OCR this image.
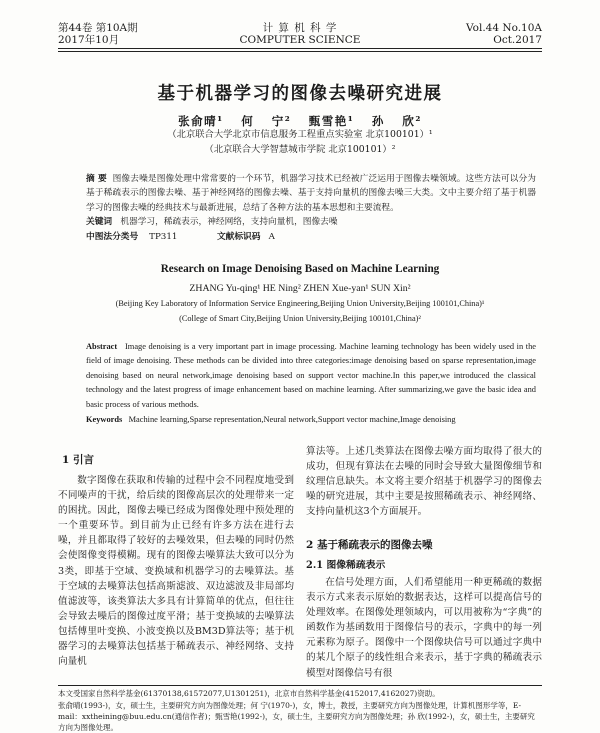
第44卷 第10A期
2017年10月
计 算 机 科 学
COMPUTER SCIENCE
Vol.44 No.10A
Oct.2017
基于机器学习的图像去噪研究进展
张俞晴¹ 何 宁² 甄雪艳¹ 孙 欣²
（北京联合大学北京市信息服务工程重点实验室 北京100101）¹
（北京联合大学智慧城市学院 北京100101）²
摘 要 图像去噪是图像处理中常常要的一个环节，机器学习技术已经被广泛运用于图像去噪领域。这些方法可以分为基于稀疏表示的图像去噪、基于神经网络的图像去噪、基于支持向量机的图像去噪三大类。文中主要介绍了基于机器学习的图像去噪的经典技术与最新进展，总结了各种方法的基本思想和主要流程。
关键词 机器学习，稀疏表示，神经网络，支持向量机，图像去噪
中图法分类号 TP311	文献标识码 A
Research on Image Denoising Based on Machine Learning
ZHANG Yu-qing¹ HE Ning² ZHEN Xue-yan¹ SUN Xin²
(Beijing Key Laboratory of Information Service Engineering,Beijing Union University,Beijing 100101,China)¹
(College of Smart City,Beijing Union University,Beijing 100101,China)²
Abstract Image denoising is a very important part in image processing. Machine learning technology has been widely used in the field of image denoising. These methods can be divided into three categories:image denoising based on sparse representation,image denoising based on neural network,image denoising based on support vector machine.In this paper,we introduced the classical technology and the latest progress of image enhancement based on machine learning. After summarizing,we gave the basic idea and basic process of various methods.
Keywords Machine learning,Sparse representation,Neural network,Support vector machine,Image denoising
1 引言
数字图像在获取和传输的过程中会不同程度地受到不同噪声的干扰，给后续的图像高层次的处理带来一定的困扰。因此，图像去噪已经成为图像处理中预处理的一个重要环节。到目前为止已经有许多方法在进行去噪，并且都取得了较好的去噪效果，但去噪的同时仍然会使图像变得模糊。现有的图像去噪算法大致可以分为3类，即基于空域、变换域和机器学习的去噪算法。基于空域的去噪算法包括高斯滤波、双边滤波及非局部均值滤波等，该类算法大多具有计算简单的优点，但往往会导致去噪后的图像过度平滑；基于变换域的去噪算法包括傅里叶变换、小波变换以及BM3D算法等；基于机器学习的去噪算法包括基于稀疏表示、神经网络、支持向量机
算法等。上述几类算法在图像去噪方面均取得了很大的成功，但现有算法在去噪的同时会导致大量图像细节和纹理信息缺失。本文将主要介绍基于机器学习的图像去噪的研究进展，其中主要是按照稀疏表示、神经网络、支持向量机这3个方面展开。
2 基于稀疏表示的图像去噪
2.1 图像稀疏表示
在信号处理方面，人们希望能用一种更稀疏的数据表示方式来表示原始的数据表达，这样可以提高信号的处理效率。在图像处理领域内，可以用被称为“字典”的函数作为基函数用于图像信号的表示，字典中的每一列元素称为原子。图像中一个图像块信号可以通过字典中的某几个原子的线性组合来表示，基于字典的稀疏表示模型对图像信号有很
本文受国家自然科学基金(61370138,61572077,U1301251)，北京市自然科学基金(4152017,4162027)资助。
张俞晴(1993-)，女，硕士生，主要研究方向为图像处理；何 宁(1970-)，女，博士，教授，主要研究方向为图像处理，计算机图形学等，E-mail：xxtheining@buu.edu.cn(通信作者)；甄雪艳(1992-)，女，硕士生，主要研究方向为图像处理；孙 欣(1992-)，女，硕士生，主要研究方向为图像处理。
